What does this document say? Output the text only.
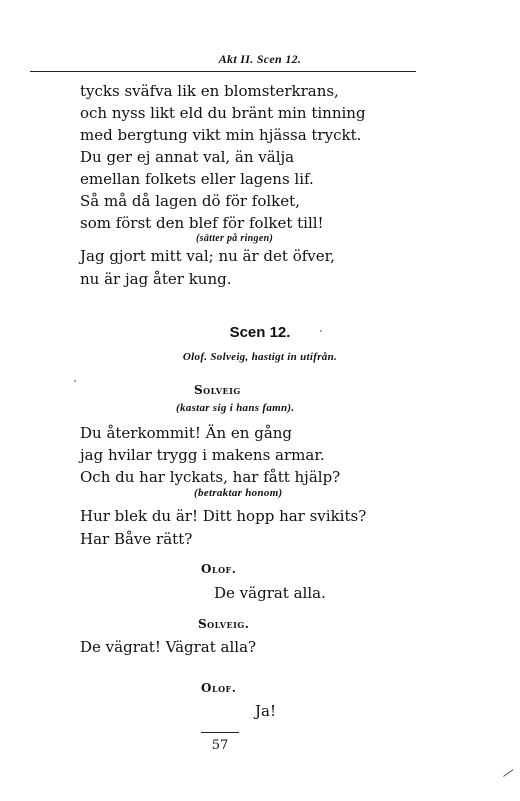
Akt II. Scen 12.
tycks sväfva lik en blomsterkrans,
och nyss likt eld du bränt min tinning
med bergtung vikt min hjässa tryckt.
Du ger ej annat val, än välja
emellan folkets eller lagens lif.
Så må då lagen dö för folket,
som först den blef för folket till!
(sätter på ringen)
Jag gjort mitt val; nu är det öfver,
nu är jag åter kung.
Scen 12.
Olof. Solveig, hastigt in utifrån.
Solveig
(kastar sig i hans famn).
Du återkommit! Än en gång
jag hvilar trygg i makens armar.
Och du har lyckats, har fått hjälp?
(betraktar honom)
Hur blek du är! Ditt hopp har svikits?
Har Båve rätt?
Olof.
De vägrat alla.
Solveig.
De vägrat! Vägrat alla?
Olof.
Ja!
57
